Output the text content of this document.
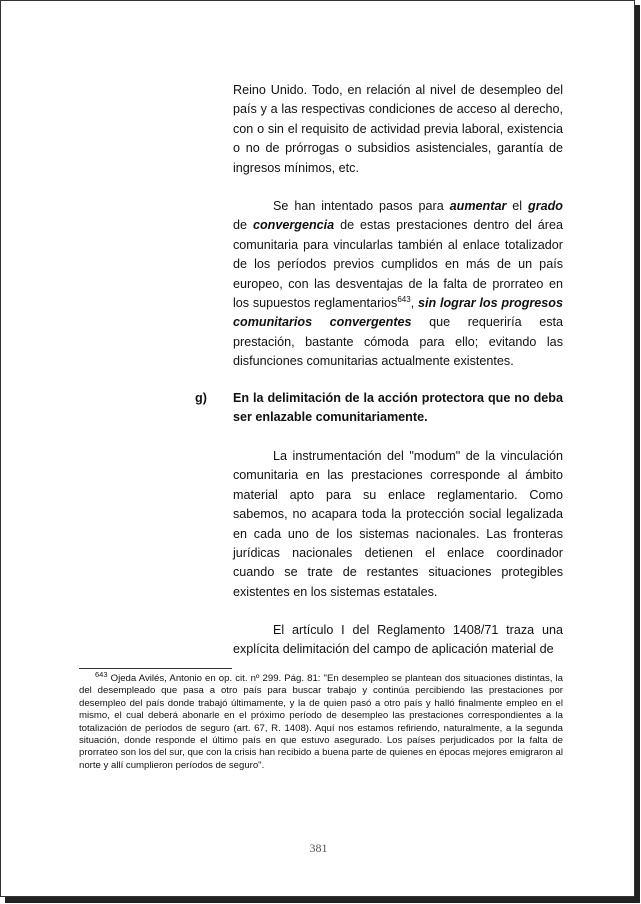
Reino Unido. Todo, en relación al nivel de desempleo del país y a las respectivas condiciones de acceso al derecho, con o sin el requisito de actividad previa laboral, existencia o no de prórrogas o subsidios asistenciales, garantía de ingresos mínimos, etc.

Se han intentado pasos para aumentar el grado de convergencia de estas prestaciones dentro del área comunitaria para vincularlas también al enlace totalizador de los períodos previos cumplidos en más de un país europeo, con las desventajas de la falta de prorrateo en los supuestos reglamentarios$^{643}$, sin lograr los progresos comunitarios convergentes que requeriría esta prestación, bastante cómoda para ello; evitando las disfunciones comunitarias actualmente existentes.

g) En la delimitación de la acción protectora que no deba ser enlazable comunitariamente.

La instrumentación del "modum" de la vinculación comunitaria en las prestaciones corresponde al ámbito material apto para su enlace reglamentario. Como sabemos, no acapara toda la protección social legalizada en cada uno de los sistemas nacionales. Las fronteras jurídicas nacionales detienen el enlace coordinador cuando se trate de restantes situaciones protegibles existentes en los sistemas estatales.

El artículo I del Reglamento 1408/71 traza una explícita delimitación del campo de aplicación material de

$^{643}$ Ojeda Avilés, Antonio en op. cit. nº 299. Pág. 81: "En desempleo se plantean dos situaciones distintas, la del desempleado que pasa a otro país para buscar trabajo y continúa percibiendo las prestaciones por desempleo del país donde trabajó últimamente, y la de quien pasó a otro país y halló finalmente empleo en el mismo, el cual deberá abonarle en el próximo período de desempleo las prestaciones correspondientes a la totalización de períodos de seguro (art. 67, R. 1408). Aquí nos estamos refiriendo, naturalmente, a la segunda situación, donde responde el último país en que estuvo asegurado. Los países perjudicados por la falta de prorrateo son los del sur, que con la crisis han recibido a buena parte de quienes en épocas mejores emigraron al norte y allí cumplieron períodos de seguro".

381
